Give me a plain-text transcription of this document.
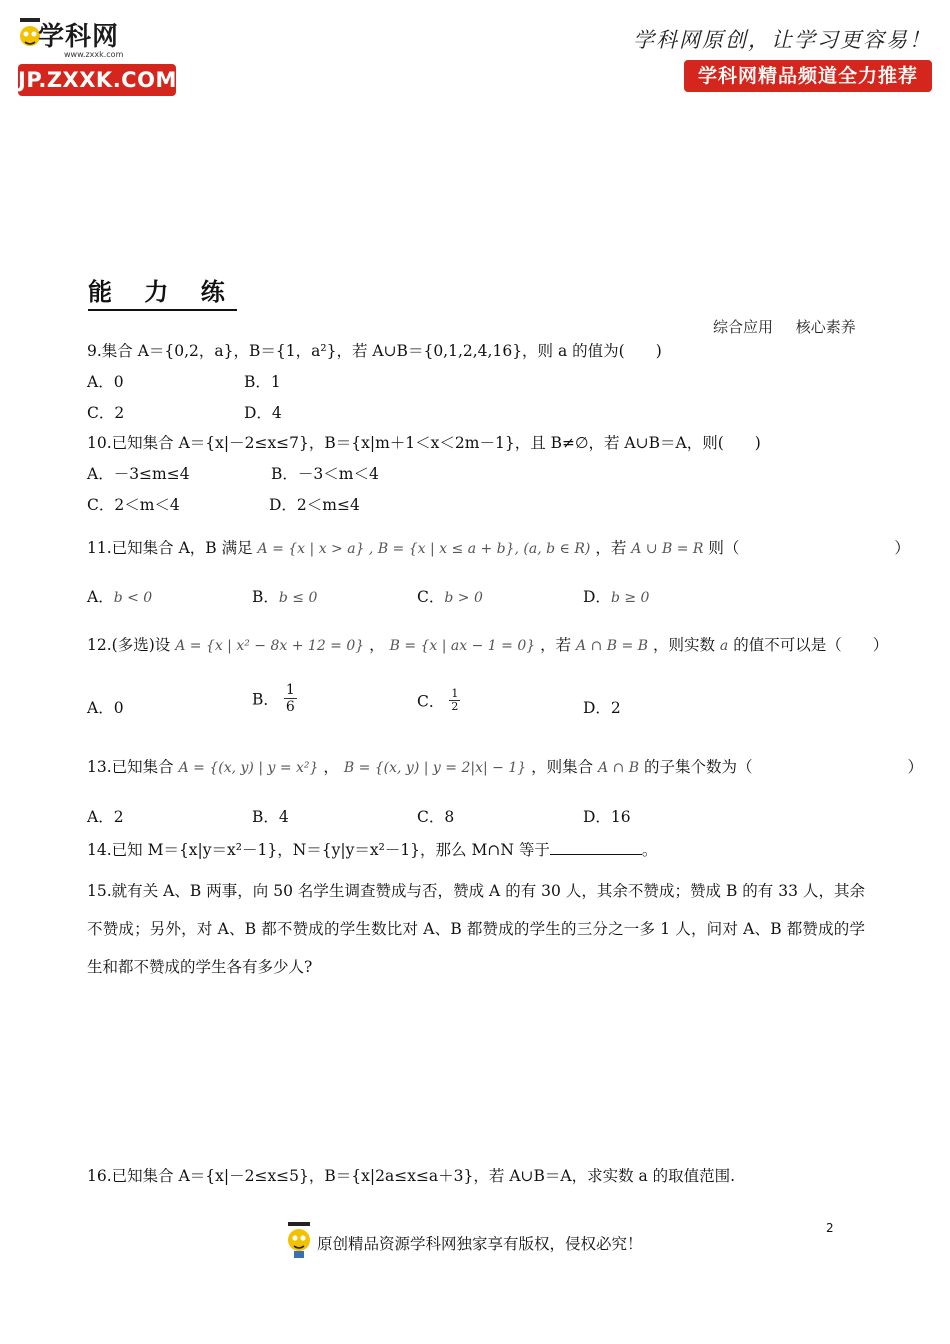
学科网
www.zxxk.com
JP.ZXXK.COM
学科网原创，让学习更容易！
学科网精品频道全力推荐
能 力 练
综合应用 核心素养
9.集合 A＝{0,2，a}，B＝{1，a²}，若 A∪B＝{0,1,2,4,16}，则 a 的值为(　　)
A．0	B．1
C．2	D．4
10.已知集合 A＝{x|－2≤x≤7}，B＝{x|m＋1＜x＜2m－1}，且 B≠∅，若 A∪B＝A，则(　　)
A．－3≤m≤4	B．－3＜m＜4
C．2＜m＜4	D．2＜m≤4
11.已知集合 A，B 满足 A = {x | x > a} , B = {x | x ≤ a + b}, (a, b ∈ R) ，若 A ∪ B = R 则（　　　　　　　　　　）
A．b < 0	B．b ≤ 0	C．b > 0	D．b ≥ 0
12.(多选)设 A = {x | x² − 8x + 12 = 0} ， B = {x | ax − 1 = 0} ，若 A ∩ B = B ，则实数 a 的值不可以是（　　）
A．0	B． $\frac{1}{6}$	C． $\frac{1}{2}$	D．2
13.已知集合 A = {(x, y) | y = x²} ， B = {(x, y) | y = 2|x| − 1} ，则集合 A ∩ B 的子集个数为（　　　　　　　　　　）
A．2	B．4	C．8	D．16
14.已知 M＝{x|y＝x²－1}，N＝{y|y＝x²－1}，那么 M∩N 等于	。
15.就有关 A、B 两事，向 50 名学生调查赞成与否，赞成 A 的有 30 人，其余不赞成；赞成 B 的有 33 人，其余不赞成；另外，对 A、B 都不赞成的学生数比对 A、B 都赞成的学生的三分之一多 1 人，问对 A、B 都赞成的学生和都不赞成的学生各有多少人?
16.已知集合 A＝{x|－2≤x≤5}，B＝{x|2a≤x≤a＋3}，若 A∪B＝A，求实数 a 的取值范围.
2
原创精品资源学科网独家享有版权，侵权必究！
